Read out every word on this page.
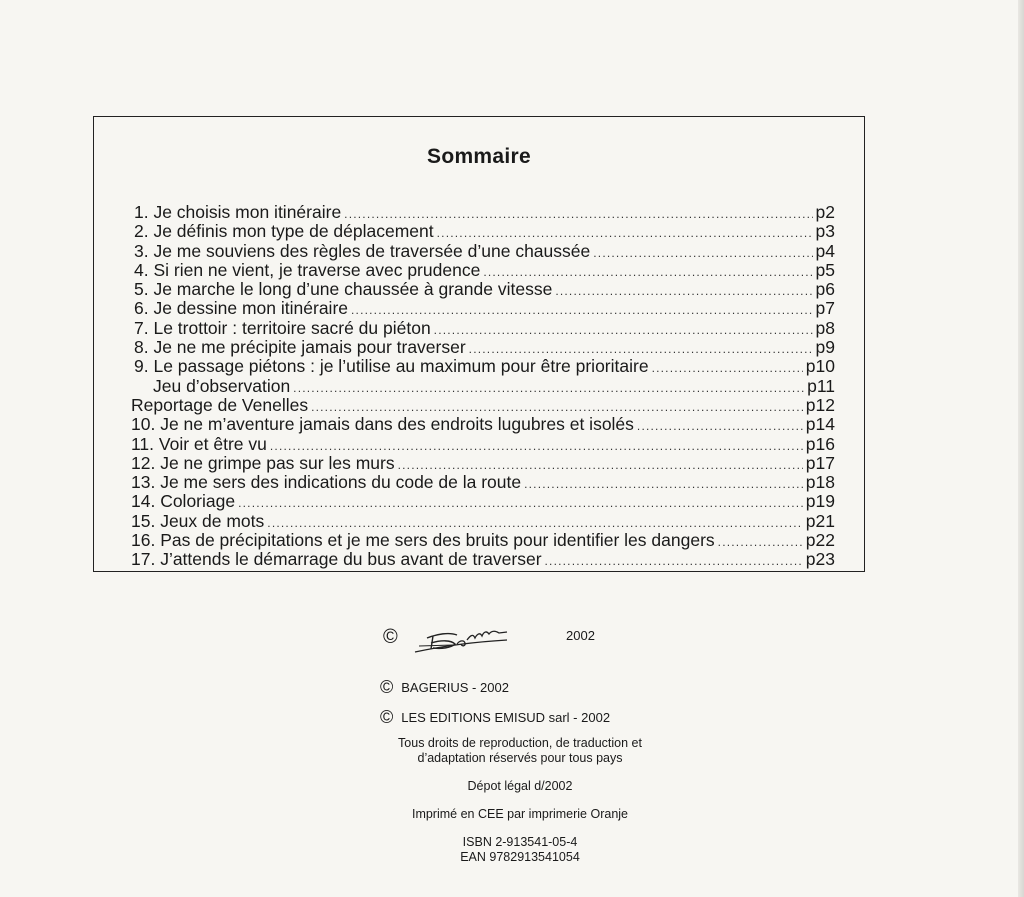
Sommaire
1. Je choisis mon itinéraire .....	p2
2. Je définis mon type de déplacement .....	p3
3. Je me souviens des règles de traversée d’une chaussée .....	p4
4. Si rien ne vient, je traverse avec prudence .....	p5
5. Je marche le long d’une chaussée à grande vitesse .....	p6
6. Je dessine mon itinéraire .....	p7
7. Le trottoir : territoire sacré du piéton .....	p8
8. Je ne me précipite jamais pour traverser .....	p9
9. Le passage piétons : je l’utilise au maximum pour être prioritaire .....	p10
Jeu d’observation .....	p11
Reportage de Venelles .....	p12
10. Je ne m’aventure jamais dans des endroits lugubres et isolés .....	p14
11. Voir et être vu .....	p16
12. Je ne grimpe pas sur les murs .....	p17
13. Je me sers des indications du code de la route .....	p18
14. Coloriage .....	p19
15. Jeux de mots .....	p21
16. Pas de précipitations et je me sers des bruits pour identifier les dangers .....	p22
17. J’attends le démarrage du bus avant de traverser .....	p23
©	2002
© BAGERIUS - 2002
© LES EDITIONS EMISUD sarl - 2002

Tous droits de reproduction, de traduction et
d’adaptation réservés pour tous pays

Dépot légal d/2002

Imprimé en CEE par imprimerie Oranje

ISBN 2-913541-05-4
EAN 9782913541054
